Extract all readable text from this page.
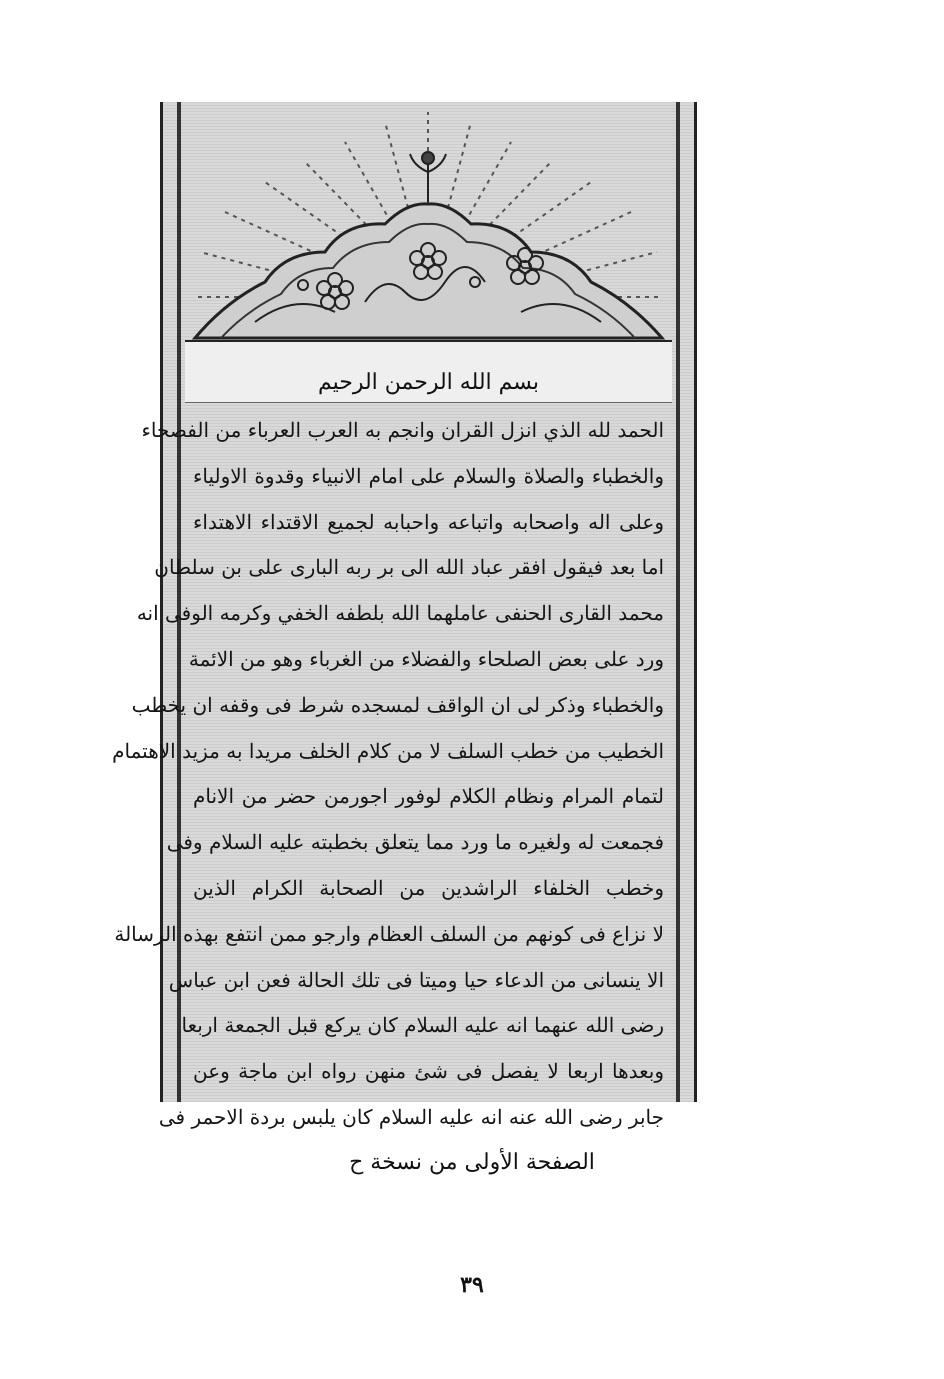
بسم الله الرحمن الرحيم
الحمد لله الذي انزل القران وانجم به العرب العرباء من الفصحاء
والخطباء والصلاة والسلام على امام الانبياء وقدوة الاولياء
وعلى اله واصحابه واتباعه واحبابه لجميع الاقتداء الاهتداء
اما بعد فيقول افقر عباد الله الى بر ربه البارى على بن سلطان
محمد القارى الحنفى عاملهما الله بلطفه الخفي وكرمه الوفى انه
ورد على بعض الصلحاء والفضلاء من الغرباء وهو من الائمة
والخطباء وذكر لى ان الواقف لمسجده شرط فى وقفه ان يخطب
الخطيب من خطب السلف لا من كلام الخلف مريدا به مزيد الاهتمام
لتمام المرام ونظام الكلام لوفور اجورمن حضر من الانام
فجمعت له ولغيره ما ورد مما يتعلق بخطبته عليه السلام وفى
وخطب الخلفاء الراشدين من الصحابة الكرام الذين
لا نزاع فى كونهم من السلف العظام وارجو ممن انتفع بهذه الرسالة
الا ينسانى من الدعاء حيا وميتا فى تلك الحالة فعن ابن عباس
رضى الله عنهما انه عليه السلام كان يركع قبل الجمعة اربعا
وبعدها اربعا لا يفصل فى شئ منهن رواه ابن ماجة وعن
جابر رضى الله عنه انه عليه السلام كان يلبس بردة الاحمر فى
الصفحة الأولى من نسخة ح
٣٩
